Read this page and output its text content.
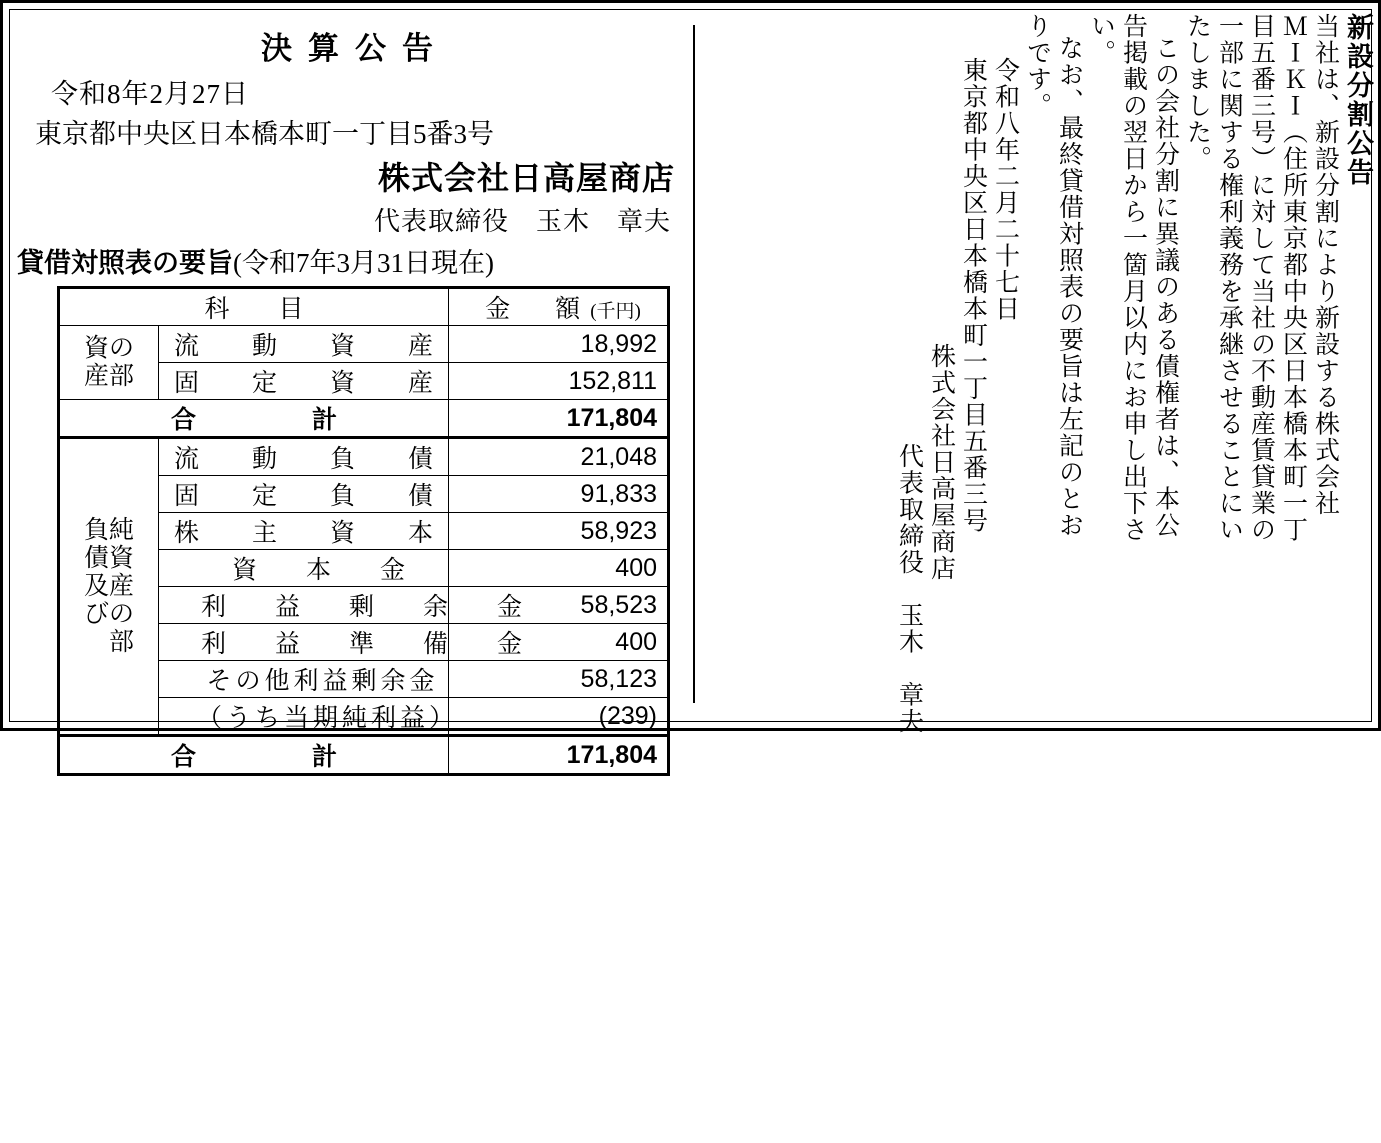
決算公告
令和8年2月27日
東京都中央区日本橋本町一丁目5番3号
株式会社日高屋商店
代表取締役　玉木　章夫
貸借対照表の要旨(令和7年3月31日現在)
科　目		金　額(千円)

資の
産部	流　動　資　産	18,992
	固　定　資　産	152,811
合　　計		171,804

負純
債資
及産
びの
　部	流　動　負　債	21,048
	固　定　負　債	91,833
	株　主　資　本	58,923
	資　本　金	400
	利　益　剰　余　金	58,523
	利　益　準　備　金	400
	その他利益剰余金	58,123
	（うち当期純利益）	(239)
合　　計		171,804
新設分割公告
当社は、新設分割により新設する株式会社
ＭＩＫＩ（住所東京都中央区日本橋本町一丁
目五番三号）に対して当社の不動産賃貸業の
一部に関する権利義務を承継させることにい
たしました。
この会社分割に異議のある債権者は、本公
告掲載の翌日から一箇月以内にお申し出下さ
い。
なお、最終貸借対照表の要旨は左記のとお
りです。
令和八年二月二十七日
東京都中央区日本橋本町一丁目五番三号
株式会社日高屋商店
代表取締役　玉木　章夫
